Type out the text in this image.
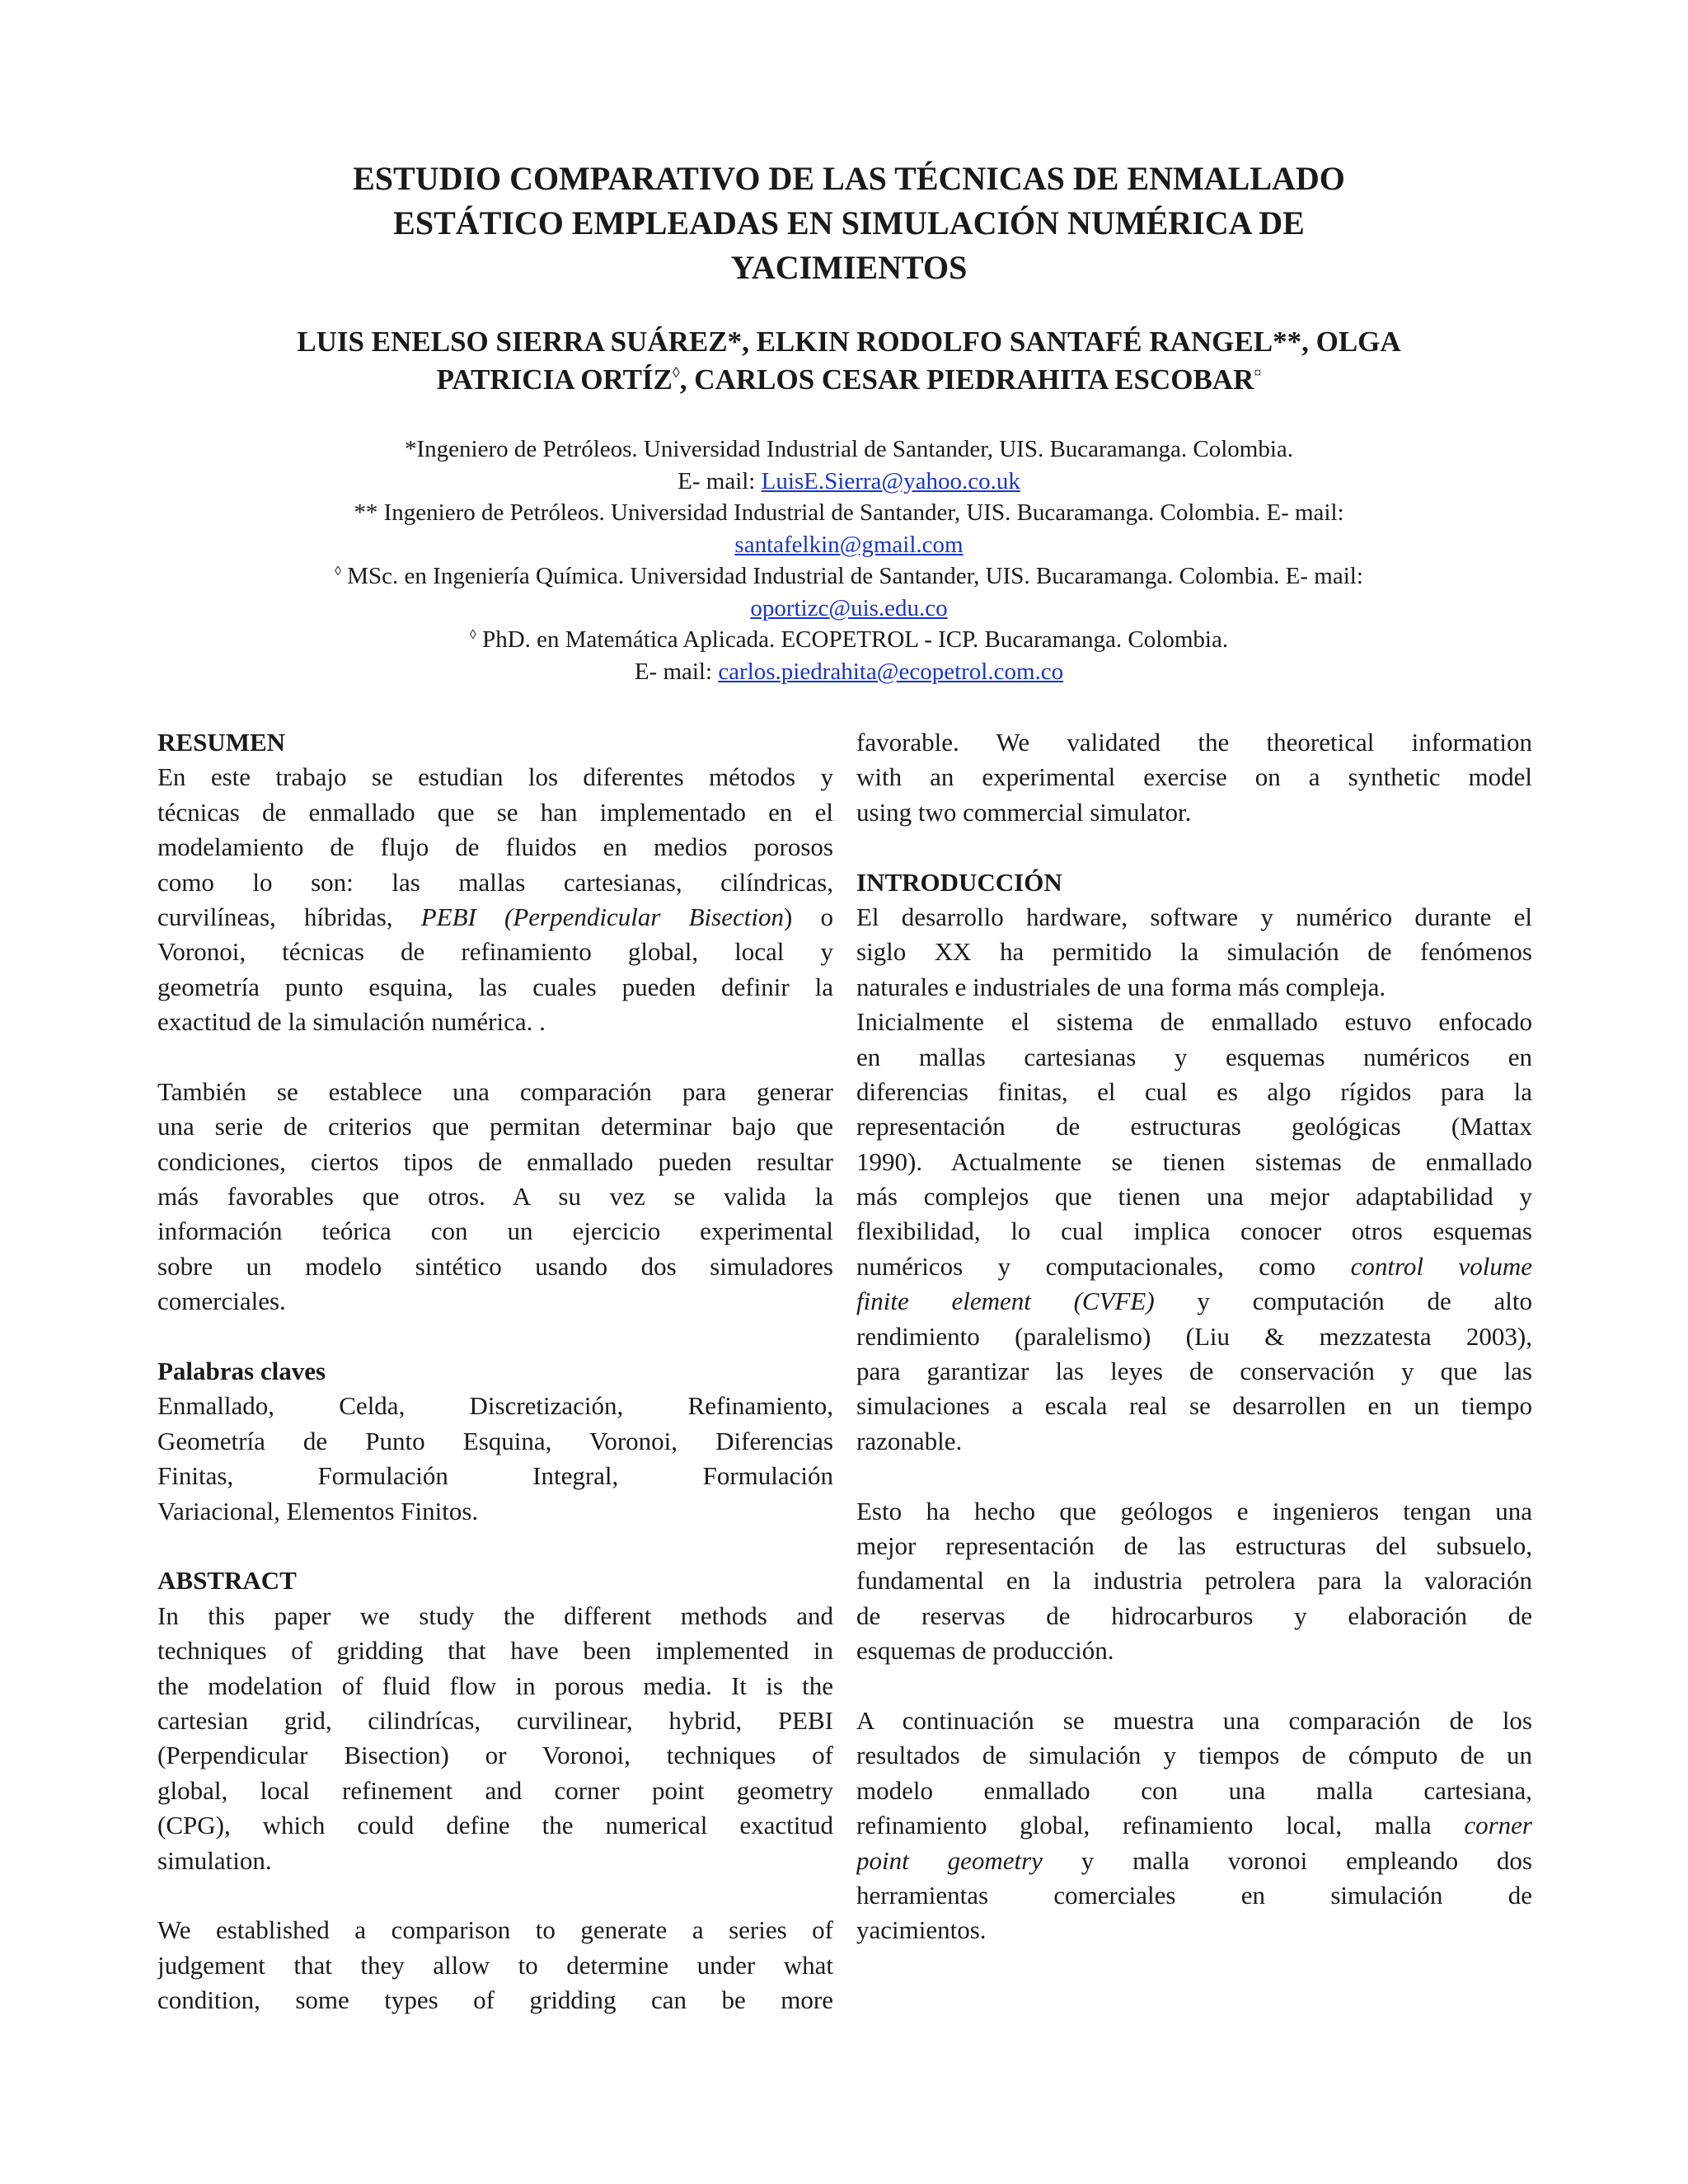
ESTUDIO COMPARATIVO DE LAS TÉCNICAS DE ENMALLADO
ESTÁTICO EMPLEADAS EN SIMULACIÓN NUMÉRICA DE
YACIMIENTOS
LUIS ENELSO SIERRA SUÁREZ*, ELKIN RODOLFO SANTAFÉ RANGEL**, OLGA
PATRICIA ORTÍZ◊, CARLOS CESAR PIEDRAHITA ESCOBAR¤
*Ingeniero de Petróleos. Universidad Industrial de Santander, UIS. Bucaramanga. Colombia.
E- mail: LuisE.Sierra@yahoo.co.uk
** Ingeniero de Petróleos. Universidad Industrial de Santander, UIS. Bucaramanga. Colombia. E- mail:
santafelkin@gmail.com
◊ MSc. en Ingeniería Química. Universidad Industrial de Santander, UIS. Bucaramanga. Colombia. E- mail:
oportizc@uis.edu.co
◊ PhD. en Matemática Aplicada. ECOPETROL - ICP. Bucaramanga. Colombia.
E- mail: carlos.piedrahita@ecopetrol.com.co
RESUMEN
En este trabajo se estudian los diferentes métodos y
técnicas de enmallado que se han implementado en el
modelamiento de flujo de fluidos en medios porosos
como lo son: las mallas cartesianas, cilíndricas,
curvilíneas, híbridas, PEBI (Perpendicular Bisection) o
Voronoi, técnicas de refinamiento global, local y
geometría punto esquina, las cuales pueden definir la
exactitud de la simulación numérica. .
También se establece una comparación para generar
una serie de criterios que permitan determinar bajo que
condiciones, ciertos tipos de enmallado pueden resultar
más favorables que otros. A su vez se valida la
información teórica con un ejercicio experimental
sobre un modelo sintético usando dos simuladores
comerciales.
Palabras claves
Enmallado, Celda, Discretización, Refinamiento,
Geometría de Punto Esquina, Voronoi, Diferencias
Finitas, Formulación Integral, Formulación
Variacional, Elementos Finitos.
ABSTRACT
In this paper we study the different methods and
techniques of gridding that have been implemented in
the modelation of fluid flow in porous media. It is the
cartesian grid, cilindrícas, curvilinear, hybrid, PEBI
(Perpendicular Bisection) or Voronoi, techniques of
global, local refinement and corner point geometry
(CPG), which could define the numerical exactitud
simulation.
We established a comparison to generate a series of
judgement that they allow to determine under what
condition, some types of gridding can be more
favorable. We validated the theoretical information
with an experimental exercise on a synthetic model
using two commercial simulator.
INTRODUCCIÓN
El desarrollo hardware, software y numérico durante el
siglo XX ha permitido la simulación de fenómenos
naturales e industriales de una forma más compleja.
Inicialmente el sistema de enmallado estuvo enfocado
en mallas cartesianas y esquemas numéricos en
diferencias finitas, el cual es algo rígidos para la
representación de estructuras geológicas (Mattax
1990). Actualmente se tienen sistemas de enmallado
más complejos que tienen una mejor adaptabilidad y
flexibilidad, lo cual implica conocer otros esquemas
numéricos y computacionales, como control volume
finite element (CVFE) y computación de alto
rendimiento (paralelismo) (Liu & mezzatesta 2003),
para garantizar las leyes de conservación y que las
simulaciones a escala real se desarrollen en un tiempo
razonable.
Esto ha hecho que geólogos e ingenieros tengan una
mejor representación de las estructuras del subsuelo,
fundamental en la industria petrolera para la valoración
de reservas de hidrocarburos y elaboración de
esquemas de producción.
A continuación se muestra una comparación de los
resultados de simulación y tiempos de cómputo de un
modelo enmallado con una malla cartesiana,
refinamiento global, refinamiento local, malla corner
point geometry y malla voronoi empleando dos
herramientas comerciales en simulación de
yacimientos.
